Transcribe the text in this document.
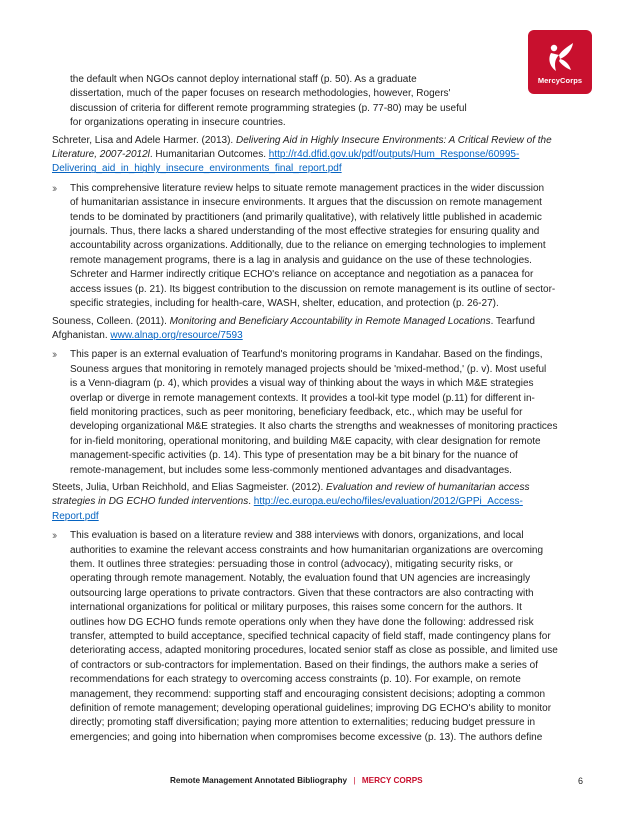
MercyCorps
the default when NGOs cannot deploy international staff (p. 50). As a graduate
dissertation, much of the paper focuses on research methodologies, however, Rogers'
discussion of criteria for different remote programming strategies (p. 77-80) may be useful
for organizations operating in insecure countries.
Schreter, Lisa and Adele Harmer. (2013). Delivering Aid in Highly Insecure Environments: A Critical Review of the
Literature, 2007-2012l. Humanitarian Outcomes. http://r4d.dfid.gov.uk/pdf/outputs/Hum_Response/60995-
Delivering_aid_in_highly_insecure_environments_final_report.pdf
›› This comprehensive literature review helps to situate remote management practices in the wider discussion
of humanitarian assistance in insecure environments. It argues that the discussion on remote management
tends to be dominated by practitioners (and primarily qualitative), with relatively little published in academic
journals. Thus, there lacks a shared understanding of the most effective strategies for ensuring quality and
accountability across organizations. Additionally, due to the reliance on emerging technologies to implement
remote management programs, there is a lag in analysis and guidance on the use of these technologies.
Schreter and Harmer indirectly critique ECHO's reliance on acceptance and negotiation as a panacea for
access issues (p. 21). Its biggest contribution to the discussion on remote management is its outline of sector-
specific strategies, including for health-care, WASH, shelter, education, and protection (p. 26-27).
Souness, Colleen. (2011). Monitoring and Beneficiary Accountability in Remote Managed Locations. Tearfund
Afghanistan. www.alnap.org/resource/7593
›› This paper is an external evaluation of Tearfund's monitoring programs in Kandahar. Based on the findings,
Souness argues that monitoring in remotely managed projects should be 'mixed-method,' (p. v). Most useful
is a Venn-diagram (p. 4), which provides a visual way of thinking about the ways in which M&E strategies
overlap or diverge in remote management contexts. It provides a tool-kit type model (p.11) for different in-
field monitoring practices, such as peer monitoring, beneficiary feedback, etc., which may be useful for
developing organizational M&E strategies. It also charts the strengths and weaknesses of monitoring practices
for in-field monitoring, operational monitoring, and building M&E capacity, with clear designation for remote
management-specific activities (p. 14). This type of presentation may be a bit binary for the nuance of
remote-management, but includes some less-commonly mentioned advantages and disadvantages.
Steets, Julia, Urban Reichhold, and Elias Sagmeister. (2012). Evaluation and review of humanitarian access
strategies in DG ECHO funded interventions. http://ec.europa.eu/echo/files/evaluation/2012/GPPi_Access-
Report.pdf
›› This evaluation is based on a literature review and 388 interviews with donors, organizations, and local
authorities to examine the relevant access constraints and how humanitarian organizations are overcoming
them. It outlines three strategies: persuading those in control (advocacy), mitigating security risks, or
operating through remote management. Notably, the evaluation found that UN agencies are increasingly
outsourcing large operations to private contractors. Given that these contractors are also contracting with
international organizations for political or military purposes, this raises some concern for the authors. It
outlines how DG ECHO funds remote operations only when they have done the following: addressed risk
transfer, attempted to build acceptance, specified technical capacity of field staff, made contingency plans for
deteriorating access, adapted monitoring procedures, located senior staff as close as possible, and limited use
of contractors or sub-contractors for implementation. Based on their findings, the authors make a series of
recommendations for each strategy to overcoming access constraints (p. 10). For example, on remote
management, they recommend: supporting staff and encouraging consistent decisions; adopting a common
definition of remote management; developing operational guidelines; improving DG ECHO's ability to monitor
directly; promoting staff diversification; paying more attention to externalities; reducing budget pressure in
emergencies; and going into hibernation when compromises become excessive (p. 13). The authors define
Remote Management Annotated Bibliography | MERCY CORPS	6
